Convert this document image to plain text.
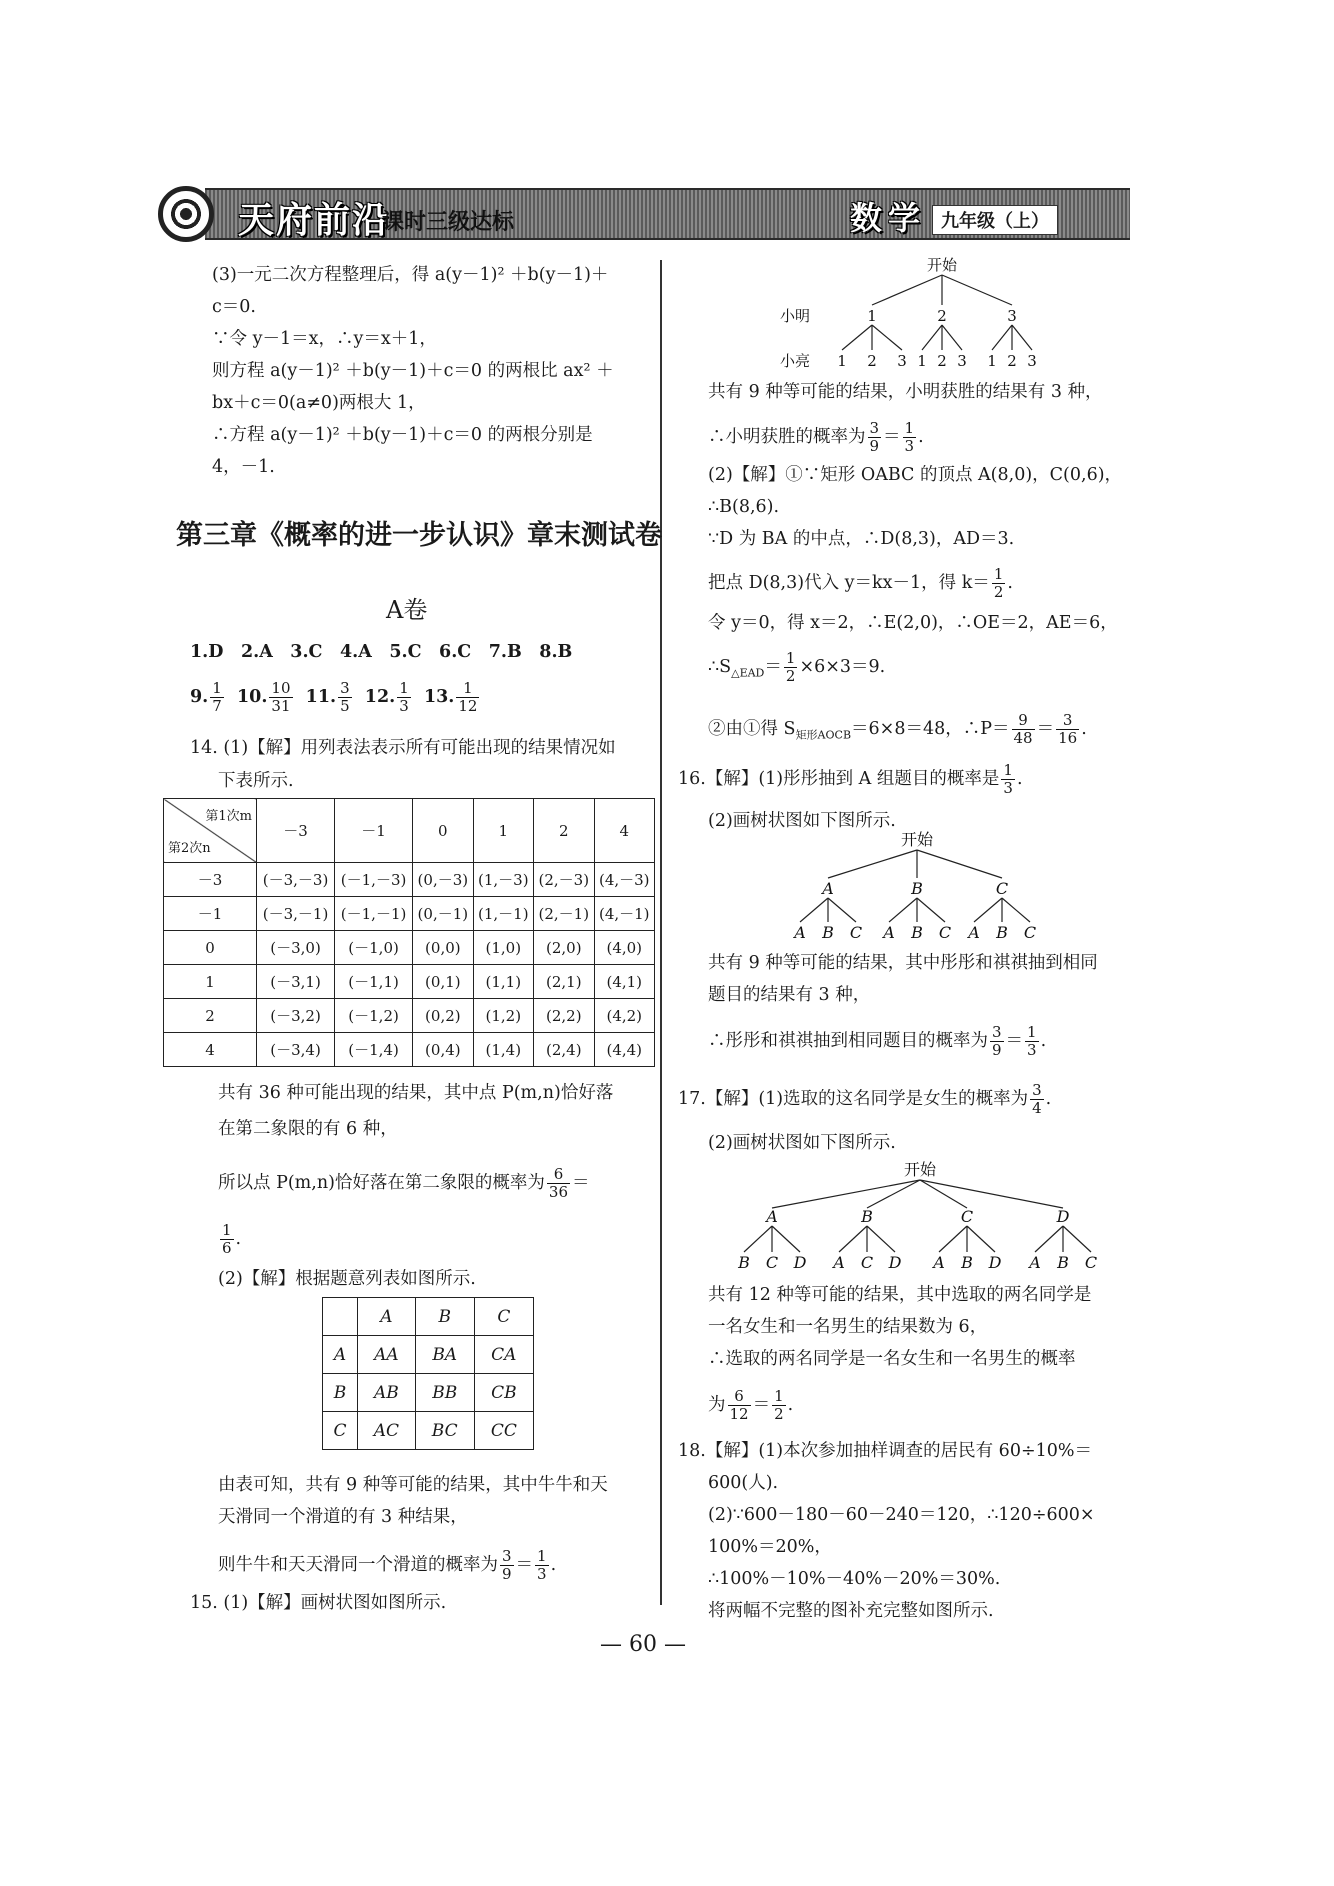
天府前沿
课时三级达标	数学 九年级（上）
(3)一元二次方程整理后，得 a(y－1)² ＋b(y－1)＋
c＝0.
∵令 y－1＝x，∴y＝x＋1，
则方程 a(y－1)² ＋b(y－1)＋c＝0 的两根比 ax² ＋
bx＋c＝0(a≠0)两根大 1，
∴方程 a(y－1)² ＋b(y－1)＋c＝0 的两根分别是
4，－1.
第三章《概率的进一步认识》章末测试卷
A卷
1.D　2.A　3.C　4.A　5.C　6.C　7.B　8.B
9. $\frac{1}{7} 10$. $\frac{10}{31} 11$. $\frac{3}{5} 12$. $\frac{1}{3} 13$. $\frac{1}{12}$
14. (1)【解】用列表法表示所有可能出现的结果情况如
下表所示.
第1次m
第2次n	－3	－1	0	1	2	4
－3	(－3,－3)	(－1,－3)	(0,－3)	(1,－3)	(2,－3)	(4,－3)
－1	(－3,－1)	(－1,－1)	(0,－1)	(1,－1)	(2,－1)	(4,－1)
0	(－3,0)	(－1,0)	(0,0)	(1,0)	(2,0)	(4,0)
1	(－3,1)	(－1,1)	(0,1)	(1,1)	(2,1)	(4,1)
2	(－3,2)	(－1,2)	(0,2)	(1,2)	(2,2)	(4,2)
4	(－3,4)	(－1,4)	(0,4)	(1,4)	(2,4)	(4,4)
共有 36 种可能出现的结果，其中点 P(m,n)恰好落
在第二象限的有 6 种，
所以点 P(m,n)恰好落在第二象限的概率为 $\frac{6}{36}$ ＝
$\frac{1}{6}$ .
(2)【解】根据题意列表如图所示.
	A	B	C
A	AA	BA	CA
B	AB	BB	CB
C	AC	BC	CC
由表可知，共有 9 种等可能的结果，其中牛牛和天
天滑同一个滑道的有 3 种结果，
则牛牛和天天滑同一个滑道的概率为 $\frac{3}{9} = \frac{1}{3}$ .
15. (1)【解】画树状图如图所示.
开始
小明
小亮
1	2	3
1 2 3 1 2 3 1 2 3
共有 9 种等可能的结果，小明获胜的结果有 3 种，
∴小明获胜的概率为 $\frac{3}{9} = \frac{1}{3}$ .
(2)【解】①∵矩形 OABC 的顶点 A(8,0)，C(0,6)，
∴B(8,6).
∵D 为 BA 的中点，∴D(8,3)，AD＝3.
把点 D(8,3)代入 y＝kx－1，得 $k= \frac{1}{2}$ .
令 y＝0，得 x＝2，∴E(2,0)，∴OE＝2，AE＝6，
$\therefore S_{\triangle EAD}= \frac{1}{2} \times 6\times 3=9$.
②由①得 $S_{矩形AOCB}=6\times 8=48$，∴P＝ $\frac{9}{48} = \frac{3}{16}$ .
16.【解】(1)彤彤抽到 A 组题目的概率是 $\frac{1}{3}$ .
(2)画树状图如下图所示.
开始
A	B	C
A B C A B C A B C
共有 9 种等可能的结果，其中彤彤和祺祺抽到相同
题目的结果有 3 种，
∴彤彤和祺祺抽到相同题目的概率为 $\frac{3}{9} = \frac{1}{3}$ .
17.【解】(1)选取的这名同学是女生的概率为 $\frac{3}{4}$ .
(2)画树状图如下图所示.
开始
A	B	C	D
B C D A C D A B D A B C
共有 12 种等可能的结果，其中选取的两名同学是
一名女生和一名男生的结果数为 6，
∴选取的两名同学是一名女生和一名男生的概率
为 $\frac{6}{12} = \frac{1}{2}$ .
18.【解】(1)本次参加抽样调查的居民有 60÷10%＝
600(人).
(2)∵600－180－60－240＝120，∴120÷600×
100%＝20%，
∴100%－10%－40%－20%＝30%.
将两幅不完整的图补充完整如图所示.
— 60 —
